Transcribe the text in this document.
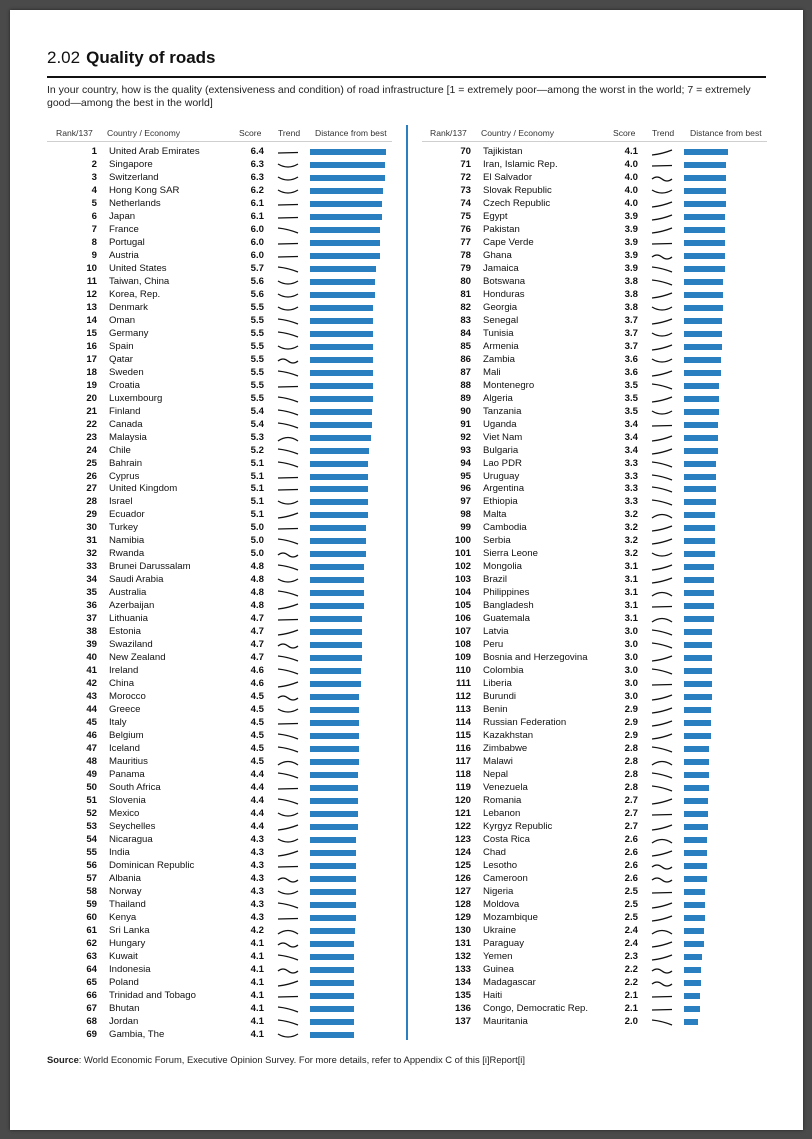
2.02 Quality of roads
In your country, how is the quality (extensiveness and condition) of road infrastructure [1 = extremely poor—among the worst in the world; 7 = extremely good—among the best in the world]
Rank/137 Country / Economy	Score Trend Distance from best	Rank/137 Country / Economy	Score Trend Distance from best
1 United Arab Emirates	6.4
2 Singapore	6.3
3 Switzerland	6.3
4 Hong Kong SAR	6.2
5 Netherlands	6.1
6 Japan	6.1
7 France	6.0
8 Portugal	6.0
9 Austria	6.0
10 United States	5.7
11 Taiwan, China	5.6
12 Korea, Rep.	5.6
13 Denmark	5.5
14 Oman	5.5
15 Germany	5.5
16 Spain	5.5
17 Qatar	5.5
18 Sweden	5.5
19 Croatia	5.5
20 Luxembourg	5.5
21 Finland	5.4
22 Canada	5.4
23 Malaysia	5.3
24 Chile	5.2
25 Bahrain	5.1
26 Cyprus	5.1
27 United Kingdom	5.1
28 Israel	5.1
29 Ecuador	5.1
30 Turkey	5.0
31 Namibia	5.0
32 Rwanda	5.0
33 Brunei Darussalam	4.8
34 Saudi Arabia	4.8
35 Australia	4.8
36 Azerbaijan	4.8
37 Lithuania	4.7
38 Estonia	4.7
39 Swaziland	4.7
40 New Zealand	4.7
41 Ireland	4.6
42 China	4.6
43 Morocco	4.5
44 Greece	4.5
45 Italy	4.5
46 Belgium	4.5
47 Iceland	4.5
48 Mauritius	4.5
49 Panama	4.4
50 South Africa	4.4
51 Slovenia	4.4
52 Mexico	4.4
53 Seychelles	4.4
54 Nicaragua	4.3
55 India	4.3
56 Dominican Republic	4.3
57 Albania	4.3
58 Norway	4.3
59 Thailand	4.3
60 Kenya	4.3
61 Sri Lanka	4.2
62 Hungary	4.1
63 Kuwait	4.1
64 Indonesia	4.1
65 Poland	4.1
66 Trinidad and Tobago	4.1
67 Bhutan	4.1
68 Jordan	4.1
69 Gambia, The	4.1
70 Tajikistan	4.1
71 Iran, Islamic Rep.	4.0
72 El Salvador	4.0
73 Slovak Republic	4.0
74 Czech Republic	4.0
75 Egypt	3.9
76 Pakistan	3.9
77 Cape Verde	3.9
78 Ghana	3.9
79 Jamaica	3.9
80 Botswana	3.8
81 Honduras	3.8
82 Georgia	3.8
83 Senegal	3.7
84 Tunisia	3.7
85 Armenia	3.7
86 Zambia	3.6
87 Mali	3.6
88 Montenegro	3.5
89 Algeria	3.5
90 Tanzania	3.5
91 Uganda	3.4
92 Viet Nam	3.4
93 Bulgaria	3.4
94 Lao PDR	3.3
95 Uruguay	3.3
96 Argentina	3.3
97 Ethiopia	3.3
98 Malta	3.2
99 Cambodia	3.2
100 Serbia	3.2
101 Sierra Leone	3.2
102 Mongolia	3.1
103 Brazil	3.1
104 Philippines	3.1
105 Bangladesh	3.1
106 Guatemala	3.1
107 Latvia	3.0
108 Peru	3.0
109 Bosnia and Herzegovina	3.0
110 Colombia	3.0
111 Liberia	3.0
112 Burundi	3.0
113 Benin	2.9
114 Russian Federation	2.9
115 Kazakhstan	2.9
116 Zimbabwe	2.8
117 Malawi	2.8
118 Nepal	2.8
119 Venezuela	2.8
120 Romania	2.7
121 Lebanon	2.7
122 Kyrgyz Republic	2.7
123 Costa Rica	2.6
124 Chad	2.6
125 Lesotho	2.6
126 Cameroon	2.6
127 Nigeria	2.5
128 Moldova	2.5
129 Mozambique	2.5
130 Ukraine	2.4
131 Paraguay	2.4
132 Yemen	2.3
133 Guinea	2.2
134 Madagascar	2.2
135 Haiti	2.1
136 Congo, Democratic Rep.	2.1
137 Mauritania	2.0
Source: World Economic Forum, Executive Opinion Survey. For more details, refer to Appendix C of this [i]Report[i]
